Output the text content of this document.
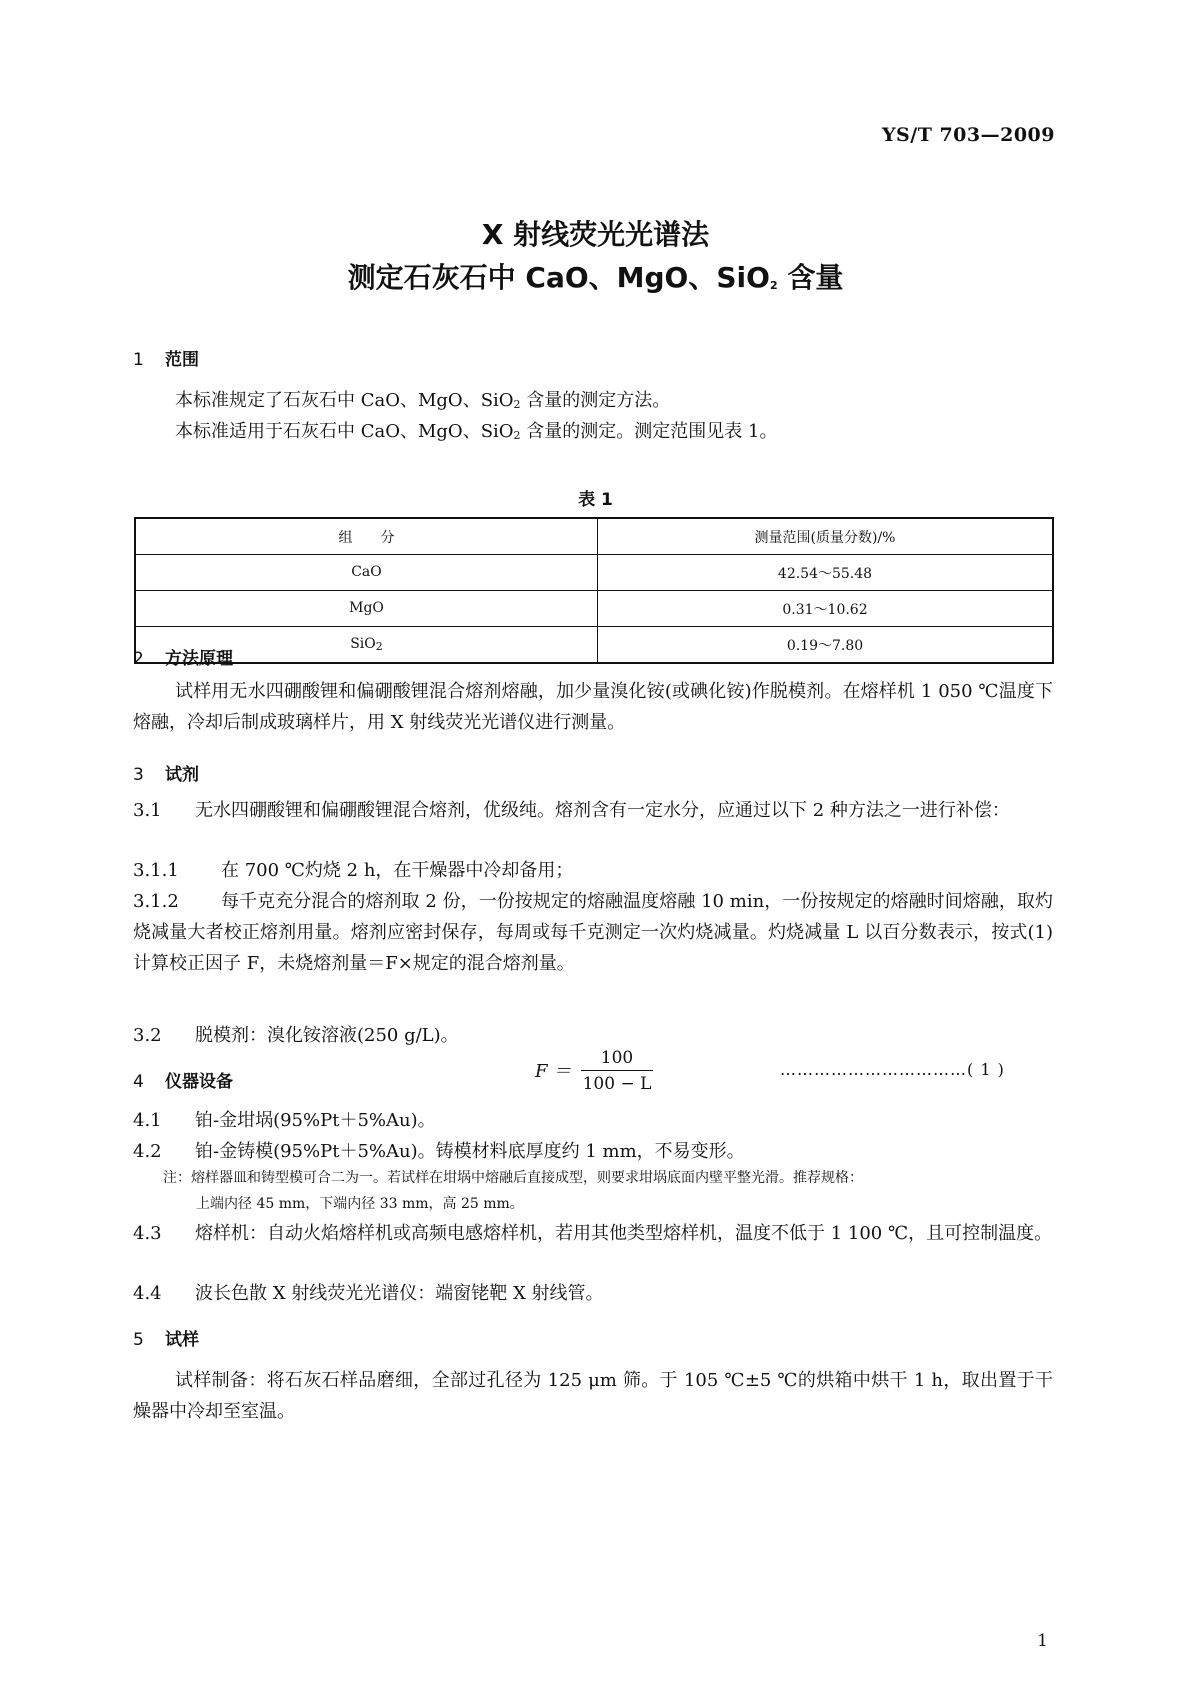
YS/T 703—2009
X 射线荧光光谱法
测定石灰石中 CaO、MgO、SiO$_2$ 含量
1 范围
本标准规定了石灰石中 CaO、MgO、SiO$_2$ 含量的测定方法。
本标准适用于石灰石中 CaO、MgO、SiO$_2$ 含量的测定。测定范围见表 1。
表 1
组　　分	测量范围(质量分数)/%
CaO	42.54～55.48
MgO	0.31～10.62
SiO$_2$	0.19～7.80
2 方法原理
试样用无水四硼酸锂和偏硼酸锂混合熔剂熔融，加少量溴化铵(或碘化铵)作脱模剂。在熔样机 1 050 ℃温度下熔融，冷却后制成玻璃样片，用 X 射线荧光光谱仪进行测量。
3 试剂
3.1 无水四硼酸锂和偏硼酸锂混合熔剂，优级纯。熔剂含有一定水分，应通过以下 2 种方法之一进行补偿：
3.1.1 在 700 ℃灼烧 2 h，在干燥器中冷却备用；
3.1.2 每千克充分混合的熔剂取 2 份，一份按规定的熔融温度熔融 10 min，一份按规定的熔融时间熔融，取灼烧减量大者校正熔剂用量。熔剂应密封保存，每周或每千克测定一次灼烧减量。灼烧减量 L 以百分数表示，按式(1)计算校正因子 F，未烧熔剂量＝F×规定的混合熔剂量。
$F = \frac{100}{100 - L}$	……………………………( 1 )
3.2 脱模剂：溴化铵溶液(250 g/L)。
4 仪器设备
4.1 铂-金坩埚(95%Pt＋5%Au)。
4.2 铂-金铸模(95%Pt＋5%Au)。铸模材料底厚度约 1 mm，不易变形。
注：熔样器皿和铸型模可合二为一。若试样在坩埚中熔融后直接成型，则要求坩埚底面内壁平整光滑。推荐规格：
上端内径 45 mm，下端内径 33 mm，高 25 mm。
4.3 熔样机：自动火焰熔样机或高频电感熔样机，若用其他类型熔样机，温度不低于 1 100 ℃，且可控制温度。
4.4 波长色散 X 射线荧光光谱仪：端窗铑靶 X 射线管。
5 试样
试样制备：将石灰石样品磨细，全部过孔径为 125 μm 筛。于 105 ℃±5 ℃的烘箱中烘干 1 h，取出置于干燥器中冷却至室温。
1
